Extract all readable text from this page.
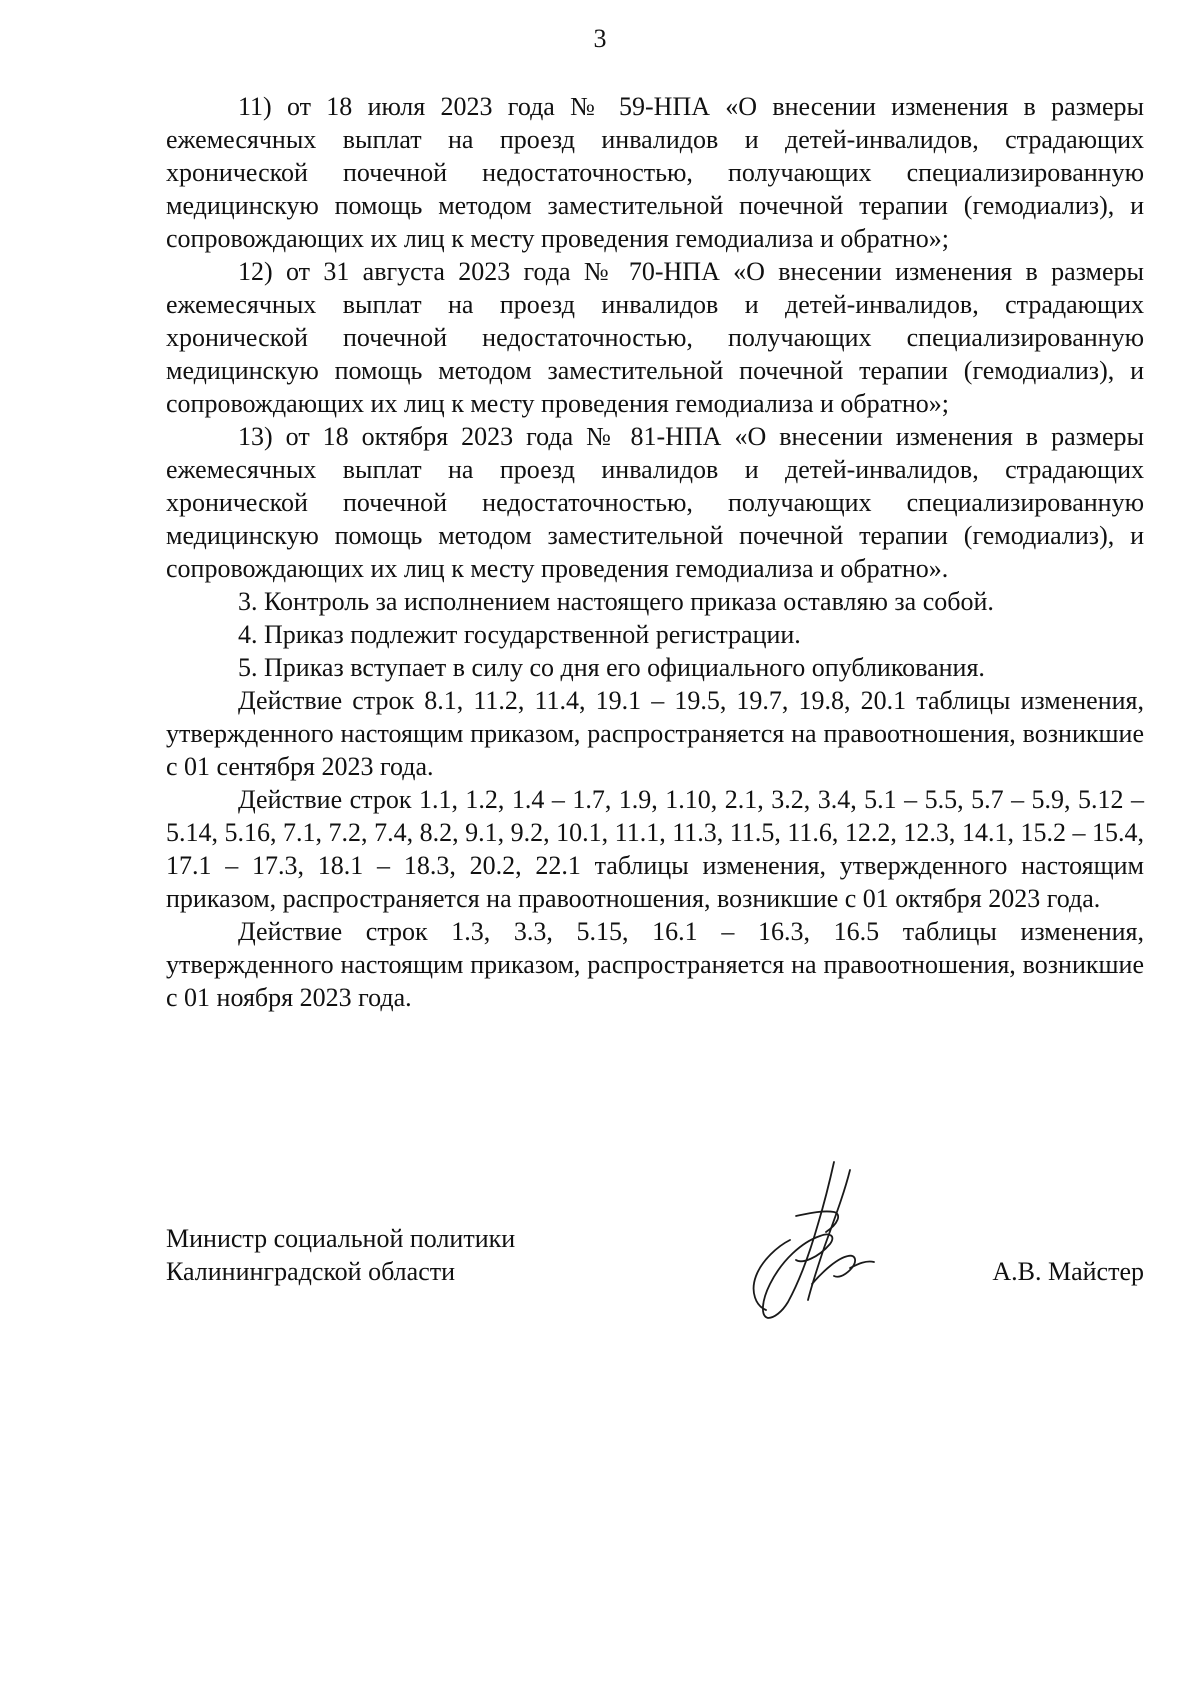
3

11) от 18 июля 2023 года № 59-НПА «О внесении изменения в размеры ежемесячных выплат на проезд инвалидов и детей-инвалидов, страдающих хронической почечной недостаточностью, получающих специализированную медицинскую помощь методом заместительной почечной терапии (гемодиализ), и сопровождающих их лиц к месту проведения гемодиализа и обратно»;

12) от 31 августа 2023 года № 70-НПА «О внесении изменения в размеры ежемесячных выплат на проезд инвалидов и детей-инвалидов, страдающих хронической почечной недостаточностью, получающих специализированную медицинскую помощь методом заместительной почечной терапии (гемодиализ), и сопровождающих их лиц к месту проведения гемодиализа и обратно»;

13) от 18 октября 2023 года № 81-НПА «О внесении изменения в размеры ежемесячных выплат на проезд инвалидов и детей-инвалидов, страдающих хронической почечной недостаточностью, получающих специализированную медицинскую помощь методом заместительной почечной терапии (гемодиализ), и сопровождающих их лиц к месту проведения гемодиализа и обратно».

3. Контроль за исполнением настоящего приказа оставляю за собой.

4. Приказ подлежит государственной регистрации.

5. Приказ вступает в силу со дня его официального опубликования.

Действие строк 8.1, 11.2, 11.4, 19.1 – 19.5, 19.7, 19.8, 20.1 таблицы изменения, утвержденного настоящим приказом, распространяется на правоотношения, возникшие с 01 сентября 2023 года.

Действие строк 1.1, 1.2, 1.4 – 1.7, 1.9, 1.10, 2.1, 3.2, 3.4, 5.1 – 5.5, 5.7 – 5.9, 5.12 – 5.14, 5.16, 7.1, 7.2, 7.4, 8.2, 9.1, 9.2, 10.1, 11.1, 11.3, 11.5, 11.6, 12.2, 12.3, 14.1, 15.2 – 15.4, 17.1 – 17.3, 18.1 – 18.3, 20.2, 22.1 таблицы изменения, утвержденного настоящим приказом, распространяется на правоотношения, возникшие с 01 октября 2023 года.

Действие строк 1.3, 3.3, 5.15, 16.1 – 16.3, 16.5 таблицы изменения, утвержденного настоящим приказом, распространяется на правоотношения, возникшие с 01 ноября 2023 года.

Министр социальной политики
Калининградской области	А.В. Майстер
